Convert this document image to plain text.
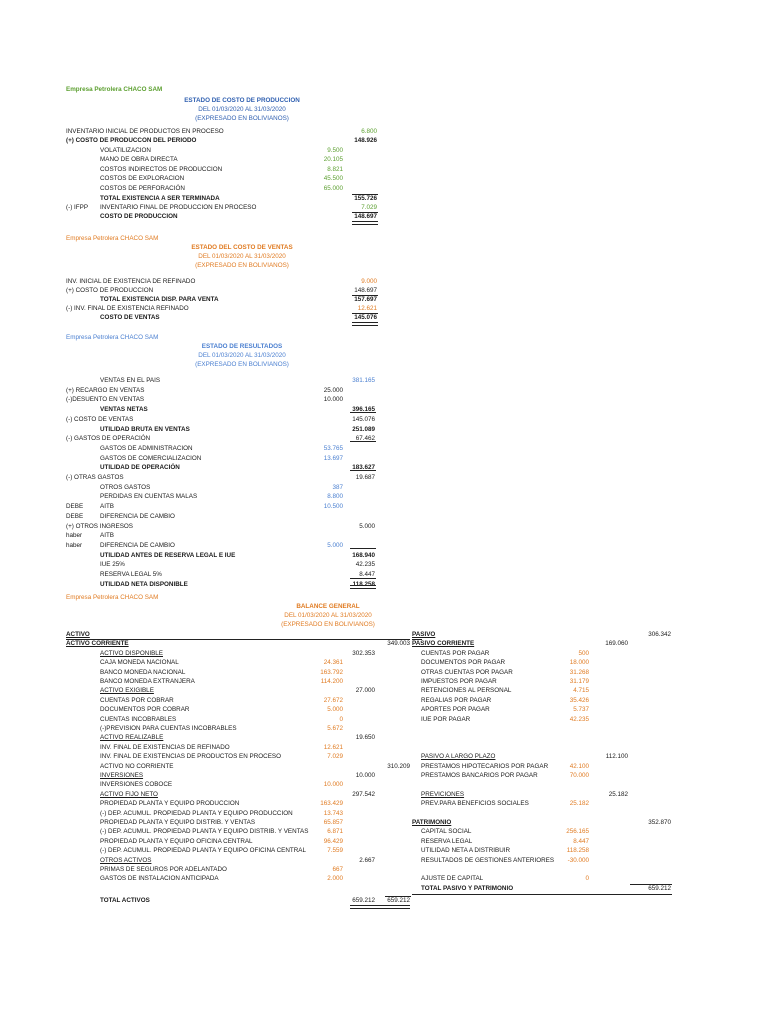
Empresa Petrolera CHACO SAM
ESTADO DE COSTO DE PRODUCCION
DEL 01/03/2020 AL 31/03/2020
(EXPRESADO EN BOLIVIANOS)
INVENTARIO INICIAL DE PRODUCTOS EN PROCESO	6.800
(+) COSTO DE PRODUCCON DEL PERIODO	148.926
VOLATILIZACION	9.500
MANO DE OBRA DIRECTA	20.105
COSTOS INDIRECTOS DE PRODUCCION	8.821
COSTOS DE EXPLORACION	45.500
COSTOS DE PERFORACIÓN	65.000
TOTAL EXISTENCIA A SER TERMINADA	155.726
(-) IFPP INVENTARIO FINAL DE PRODUCCION EN PROCESO	7.029
COSTO DE PRODUCCION	148.697
Empresa Petrolera CHACO SAM
ESTADO DEL COSTO DE VENTAS
DEL 01/03/2020 AL 31/03/2020
(EXPRESADO EN BOLIVIANOS)
INV. INICIAL DE EXISTENCIA DE REFINADO	9.000
(+) COSTO DE PRODUCCION	148.697
TOTAL EXISTENCIA DISP. PARA VENTA	157.697
(-) INV. FINAL DE EXISTENCIA REFINADO	12.621
COSTO DE VENTAS	145.076
Empresa Petrolera CHACO SAM
ESTADO DE RESULTADOS
DEL 01/03/2020 AL 31/03/2020
(EXPRESADO EN BOLIVIANOS)
VENTAS EN EL PAIS	381.165
(+) RECARGO EN VENTAS	25.000
(-)DESUENTO EN VENTAS	10.000
VENTAS NETAS	396.165
(-) COSTO DE VENTAS	145.076
UTILIDAD BRUTA EN VENTAS	251.089
(-) GASTOS DE OPERACIÓN	67.462
GASTOS DE ADMINISTRACION	53.765
GASTOS DE COMERCIALIZACION	13.697
UTILIDAD DE OPERACIÓN	183.627
(-) OTRAS GASTOS	19.687
OTROS GASTOS	387
PERDIDAS EN CUENTAS MALAS	8.800
DEBE	AITB	10.500
DEBE	DIFERENCIA DE CAMBIO
(+) OTROS INGRESOS	5.000
haber	AITB
haber	DIFERENCIA DE CAMBIO	5.000
UTILIDAD ANTES DE RESERVA LEGAL E IUE	168.940
IUE 25%	42.235
RESERVA LEGAL 5%	8.447
UTILIDAD NETA DISPONIBLE	118.258
Empresa Petrolera CHACO SAM
BALANCE GENERAL
DEL 01/03/2020 AL 31/03/2020
(EXPRESADO EN BOLIVIANOS)
ACTIVO
ACTIVO CORRIENTE	349.003
ACTIVO DISPONIBLE	302.353
CAJA MONEDA NACIONAL	24.361
BANCO MONEDA NACIONAL	163.792
BANCO MONEDA EXTRANJERA	114.200
ACTIVO EXIGIBLE	27.000
CUENTAS POR COBRAR	27.672
DOCUMENTOS POR COBRAR	5.000
CUENTAS INCOBRABLES	0
(-)PREVISION PARA CUENTAS INCOBRABLES	5.672
ACTIVO REALIZABLE	19.650
INV. FINAL DE EXISTENCIAS DE REFINADO	12.621
INV. FINAL DE EXISTENCIAS DE PRODUCTOS EN PROCESO	7.029
ACTIVO NO CORRIENTE	310.209
INVERSIONES	10.000
INVERSIONES COBOCE	10.000
ACTIVO FIJO NETO	297.542
PROPIEDAD PLANTA Y EQUIPO PRODUCCION	163.429
(-) DEP. ACUMUL. PROPIEDAD PLANTA Y EQUIPO PRODUCCION	13.743
PROPIEDAD PLANTA Y EQUIPO DISTRIB. Y VENTAS	65.857
(-) DEP. ACUMUL. PROPIEDAD PLANTA Y EQUIPO DISTRIB. Y VENTAS	6.871
PROPIEDAD PLANTA Y EQUIPO OFICINA CENTRAL	96.429
(-) DEP. ACUMUL. PROPIEDAD PLANTA Y EQUIPO OFICINA CENTRAL	7.559
OTROS ACTIVOS	2.667
PRIMAS DE SEGUROS POR ADELANTADO	667
GASTOS DE INSTALACION ANTICIPADA	2.000
TOTAL ACTIVOS	659.212	659.212
PASIVO	306.342
PASIVO CORRIENTE	169.060
CUENTAS POR PAGAR	500
DOCUMENTOS POR PAGAR	18.000
OTRAS CUENTAS POR PAGAR	31.268
IMPUESTOS POR PAGAR	31.179
RETENCIONES AL PERSONAL	4.715
REGALIAS POR PAGAR	35.426
APORTES POR PAGAR	5.737
IUE POR PAGAR	42.235
PASIVO A LARGO PLAZO	112.100
PRESTAMOS HIPOTECARIOS POR PAGAR	42.100
PRESTAMOS BANCARIOS POR PAGAR	70.000
PREVICIONES	25.182
PREV.PARA BENEFICIOS SOCIALES	25.182
PATRIMONIO	352.870
CAPITAL SOCIAL	256.165
RESERVA LEGAL	8.447
UTILIDAD NETA A DISTRIBUIR	118.258
RESULTADOS DE GESTIONES ANTERIORES	-30.000
AJUSTE DE CAPITAL	0
TOTAL PASIVO Y PATRIMONIO	659.212
